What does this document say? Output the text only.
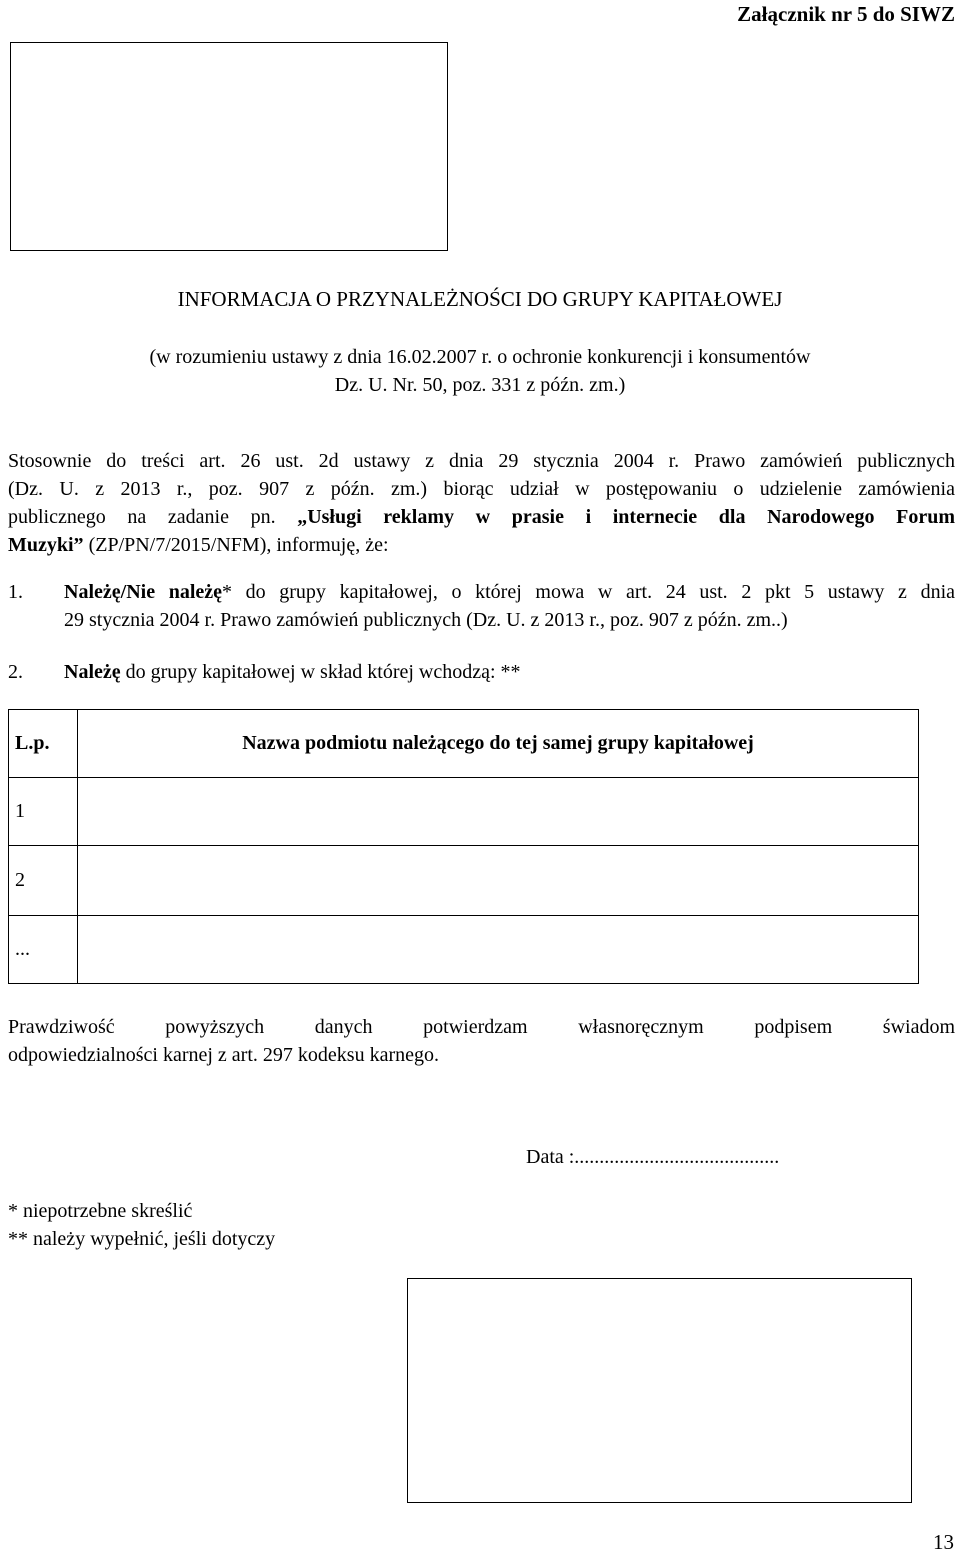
Załącznik nr 5 do SIWZ
INFORMACJA O PRZYNALEŻNOŚCI DO GRUPY KAPITAŁOWEJ
(w rozumieniu ustawy z dnia 16.02.2007 r. o ochronie konkurencji i konsumentów
Dz. U. Nr. 50, poz. 331 z późn. zm.)
Stosownie do treści art. 26 ust. 2d ustawy z dnia 29 stycznia 2004 r. Prawo zamówień publicznych
(Dz. U. z 2013 r., poz. 907 z późn. zm.) biorąc udział w postępowaniu o udzielenie zamówienia
publicznego na zadanie pn. „Usługi reklamy w prasie i internecie dla Narodowego Forum
Muzyki” (ZP/PN/7/2015/NFM), informuję, że:
1. Należę/Nie należę* do grupy kapitałowej, o której mowa w art. 24 ust. 2 pkt 5 ustawy z dnia
29 stycznia 2004 r. Prawo zamówień publicznych (Dz. U. z 2013 r., poz. 907 z późn. zm..)
2. Należę do grupy kapitałowej w skład której wchodzą: **
L.p.	Nazwa podmiotu należącego do tej samej grupy kapitałowej
1	
2	
...	
Prawdziwość powyższych danych potwierdzam własnoręcznym podpisem świadom
odpowiedzialności karnej z art. 297 kodeksu karnego.
Data :.........................................
* niepotrzebne skreślić
** należy wypełnić, jeśli dotyczy
13
